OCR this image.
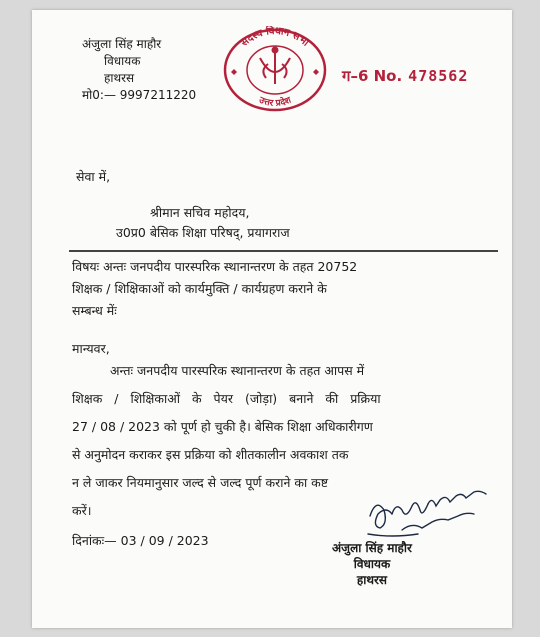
अंजुला सिंह माहौर
विधायक
हाथरस
मो0:— 9997211220
सदस्य विधान सभा
उत्तर प्रदेश
ग–6 No. 478562
सेवा में,
श्रीमान सचिव महोदय,
उ0प्र0 बेसिक शिक्षा परिषद्, प्रयागराज
विषयः अन्तः जनपदीय पारस्परिक स्थानान्तरण के तहत 20752
शिक्षक / शिक्षिकाओं को कार्यमुक्ति / कार्यग्रहण कराने के
सम्बन्ध मेंः
मान्यवर,
अन्तः जनपदीय पारस्परिक स्थानान्तरण के तहत आपस में
शिक्षक / शिक्षिकाओं के पेयर (जोड़ा) बनाने की प्रक्रिया
27 / 08 / 2023 को पूर्ण हो चुकी है। बेसिक शिक्षा अधिकारीगण
से अनुमोदन कराकर इस प्रक्रिया को शीतकालीन अवकाश तक
न ले जाकर नियमानुसार जल्द से जल्द पूर्ण कराने का कष्ट
करें।
दिनांकः— 03 / 09 / 2023	अंजुला सिंह माहौर
विधायक
हाथरस
